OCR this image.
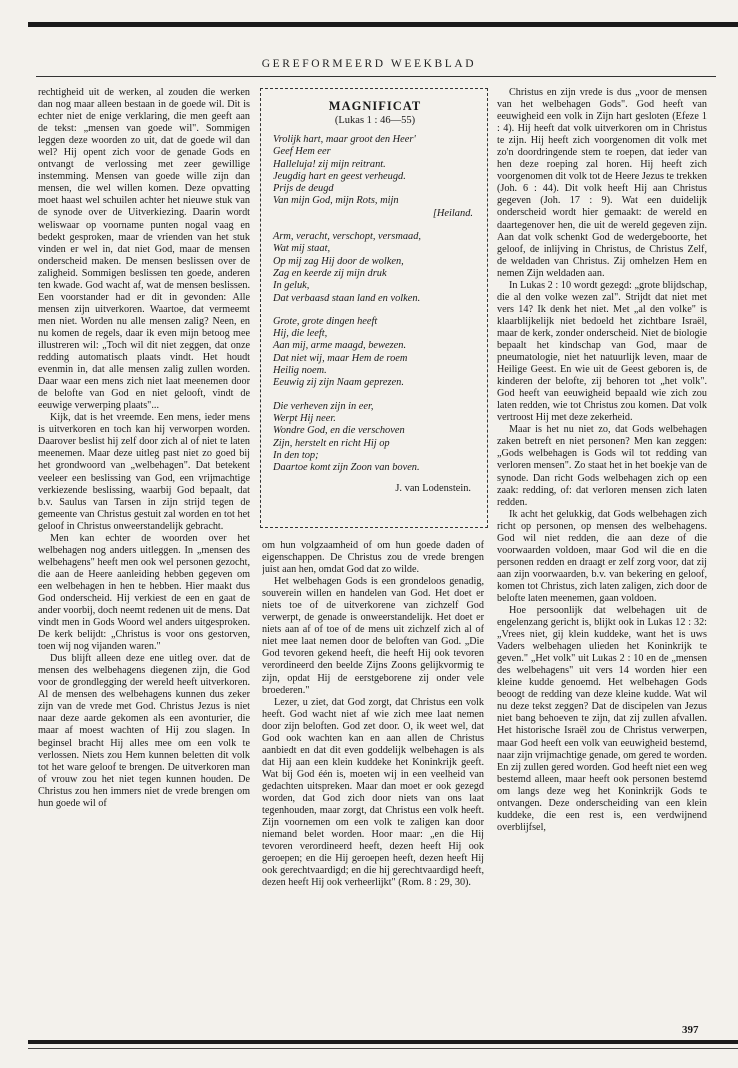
GEREFORMEERD WEEKBLAD

rechtigheid uit de werken, al zouden die werken dan nog maar alleen bestaan in de goede wil. Dit is echter niet de enige verklaring, die men geeft aan de tekst: „mensen van goede wil". Sommigen leggen deze woorden zo uit, dat de goede wil dan wel? Hij opent zich voor de genade Gods en ontvangt de verlossing met zeer gewillige instemming. Mensen van goede wille zijn dan mensen, die wel willen komen. Deze opvatting moet haast wel schuilen achter het nieuwe stuk van de synode over de Uitverkiezing. Daarin wordt weliswaar op voorname punten nogal vaag en bedekt gesproken, maar de vrienden van het stuk vinden er wel in, dat niet God, maar de mensen onderscheid maken. De mensen beslissen over de zaligheid. Sommigen beslissen ten goede, anderen ten kwade. God wacht af, wat de mensen beslissen. Een voorstander had er dit in gevonden: Alle mensen zijn uitverkoren. Waartoe, dat vermeemt men niet. Worden nu alle mensen zalig? Neen, en nu komen de regels, daar ik even mijn betoog mee illustreren wil: „Toch wil dit niet zeggen, dat onze redding automatisch plaats vindt. Het houdt evenmin in, dat alle mensen zalig zullen worden. Daar waar een mens zich niet laat meenemen door de belofte van God en niet gelooft, vindt de eeuwige verwerping plaats"...

Kijk, dat is het vreemde. Een mens, ieder mens is uitverkoren en toch kan hij verworpen worden. Daarover beslist hij zelf door zich al of niet te laten meenemen. Maar deze uitleg past niet zo goed bij het grondwoord van „welbehagen". Dat betekent veeleer een beslissing van God, een vrijmachtige verkiezende beslissing, waarbij God bepaalt, dat b.v. Saulus van Tarsen in zijn strijd tegen de gemeente van Christus gestuit zal worden en tot het geloof in Christus onweerstandelijk gebracht.

Men kan echter de woorden over het welbehagen nog anders uitleggen. In „mensen des welbehagens" heeft men ook wel personen gezocht, die aan de Heere aanleiding hebben gegeven om een welbehagen in hen te hebben. Hier maakt dus God onderscheid. Hij verkiest de een en gaat de ander voorbij, doch neemt redenen uit de mens. Dat vindt men in Gods Woord wel anders uitgesproken. De kerk belijdt: „Christus is voor ons gestorven, toen wij nog vijanden waren."

Dus blijft alleen deze ene uitleg over. dat de mensen des welbehagens diegenen zijn, die God voor de grondlegging der wereld heeft uitverkoren. Al de mensen des welbehagens kunnen dus zeker zijn van de vrede met God. Christus Jezus is niet naar deze aarde gekomen als een avonturier, die maar af moest wachten of Hij zou slagen. In beginsel bracht Hij alles mee om een volk te verlossen. Niets zou Hem kunnen beletten dit volk tot het ware geloof te brengen. De uitverkoren man of vrouw zou het niet tegen kunnen houden. De Christus zou hen immers niet de vrede brengen om hun goede wil of

MAGNIFICAT
(Lukas 1 : 46—55)
Vrolijk hart, maar groot den Heer'
Geef Hem eer
Halleluja! zij mijn reitrant.
Jeugdig hart en geest verheugd.
Prijs de deugd
Van mijn God, mijn Rots, mijn
[Heiland.
Arm, veracht, verschopt, versmaad,
Wat mij staat,
Op mij zag Hij door de wolken,
Zag en keerde zij mijn druk
In geluk,
Dat verbaasd staan land en volken.
Grote, grote dingen heeft
Hij, die leeft,
Aan mij, arme maagd, bewezen.
Dat niet wij, maar Hem de roem
Heilig noem.
Eeuwig zij zijn Naam geprezen.
Die verheven zijn in eer,
Werpt Hij neer.
Wondre God, en die verschoven
Zijn, herstelt en richt Hij op
In den top;
Daartoe komt zijn Zoon van boven.
J. van Lodenstein.

om hun volgzaamheid of om hun goede daden of eigenschappen. De Christus zou de vrede brengen juist aan hen, omdat God dat zo wilde.

Het welbehagen Gods is een grondeloos genadig, souverein willen en handelen van God. Het doet er niets toe of de uitverkorene van zichzelf God verwerpt, de genade is onweerstandelijk. Het doet er niets aan af of toe of de mens uit zichzelf zich al of niet mee laat nemen door de beloften van God. „Die God tevoren gekend heeft, die heeft Hij ook tevoren verordineerd den beelde Zijns Zoons gelijkvormig te zijn, opdat Hij de eerstgeborene zij onder vele broederen."

Lezer, u ziet, dat God zorgt, dat Christus een volk heeft. God wacht niet af wie zich mee laat nemen door zijn beloften. God zet door. O, ik weet wel, dat God ook wachten kan en aan allen de Christus aanbiedt en dat dit even goddelijk welbehagen is als dat Hij aan een klein kuddeke het Koninkrijk geeft. Wat bij God één is, moeten wij in een veelheid van gedachten uitspreken. Maar dan moet er ook gezegd worden, dat God zich door niets van ons laat tegenhouden, maar zorgt, dat Christus een volk heeft. Zijn voornemen om een volk te zaligen kan door niemand belet worden. Hoor maar: „en die Hij tevoren verordineerd heeft, dezen heeft Hij ook geroepen; en die Hij geroepen heeft, dezen heeft Hij ook gerechtvaardigd; en die hij gerechtvaardigd heeft, dezen heeft Hij ook verheerlijkt" (Rom. 8 : 29, 30).

Christus en zijn vrede is dus „voor de mensen van het welbehagen Gods". God heeft van eeuwigheid een volk in Zijn hart gesloten (Efeze 1 : 4). Hij heeft dat volk uitverkoren om in Christus te zijn. Hij heeft zich voorgenomen dit volk met zo'n doordringende stem te roepen, dat ieder van hen deze roeping zal horen. Hij heeft zich voorgenomen dit volk tot de Heere Jezus te trekken (Joh. 6 : 44). Dit volk heeft Hij aan Christus gegeven (Joh. 17 : 9). Wat een duidelijk onderscheid wordt hier gemaakt: de wereld en daartegenover hen, die uit de wereld gegeven zijn. Aan dat volk schenkt God de wedergeboorte, het geloof, de inlijving in Christus, de Christus Zelf, de weldaden van Christus. Zij omhelzen Hem en nemen Zijn weldaden aan.

In Lukas 2 : 10 wordt gezegd: „grote blijdschap, die al den volke wezen zal". Strijdt dat niet met vers 14? Ik denk het niet. Met „al den volke" is klaarblijkelijk niet bedoeld het zichtbare Israël, maar de kerk, zonder onderscheid. Niet de biologie bepaalt het kindschap van God, maar de pneumatologie, niet het natuurlijk leven, maar de Heilige Geest. En wie uit de Geest geboren is, de kinderen der belofte, zij behoren tot „het volk". God heeft van eeuwigheid bepaald wie zich zou laten redden, wie tot Christus zou komen. Dat volk vertroost Hij met deze zekerheid.

Maar is het nu niet zo, dat Gods welbehagen zaken betreft en niet personen? Men kan zeggen: „Gods welbehagen is Gods wil tot redding van verloren mensen". Zo staat het in het boekje van de synode. Dan richt Gods welbehagen zich op een zaak: redding, of: dat verloren mensen zich laten redden.

Ik acht het gelukkig, dat Gods welbehagen zich richt op personen, op mensen des welbehagens. God wil niet redden, die aan deze of die voorwaarden voldoen, maar God wil die en die personen redden en draagt er zelf zorg voor, dat zij aan zijn voorwaarden, b.v. van bekering en geloof, komen tot Christus, zich laten zaligen, zich door de belofte laten meenemen, gaan voldoen.

Hoe persoonlijk dat welbehagen uit de engelenzang gericht is, blijkt ook in Lukas 12 : 32: „Vrees niet, gij klein kuddeke, want het is uws Vaders welbehagen ulieden het Koninkrijk te geven." „Het volk" uit Lukas 2 : 10 en de „mensen des welbehagens" uit vers 14 worden hier een kleine kudde genoemd. Het welbehagen Gods beoogt de redding van deze kleine kudde. Wat wil nu deze tekst zeggen? Dat de discipelen van Jezus niet bang behoeven te zijn, dat zij zullen afvallen. Het historische Israël zou de Christus verwerpen, maar God heeft een volk van eeuwigheid bestemd, naar zijn vrijmachtige genade, om gered te worden. En zij zullen gered worden. God heeft niet een weg bestemd alleen, maar heeft ook personen bestemd om langs deze weg het Koninkrijk Gods te ontvangen. Deze onderscheiding van een klein kuddeke, die een rest is, een verdwijnend overblijfsel,

397
